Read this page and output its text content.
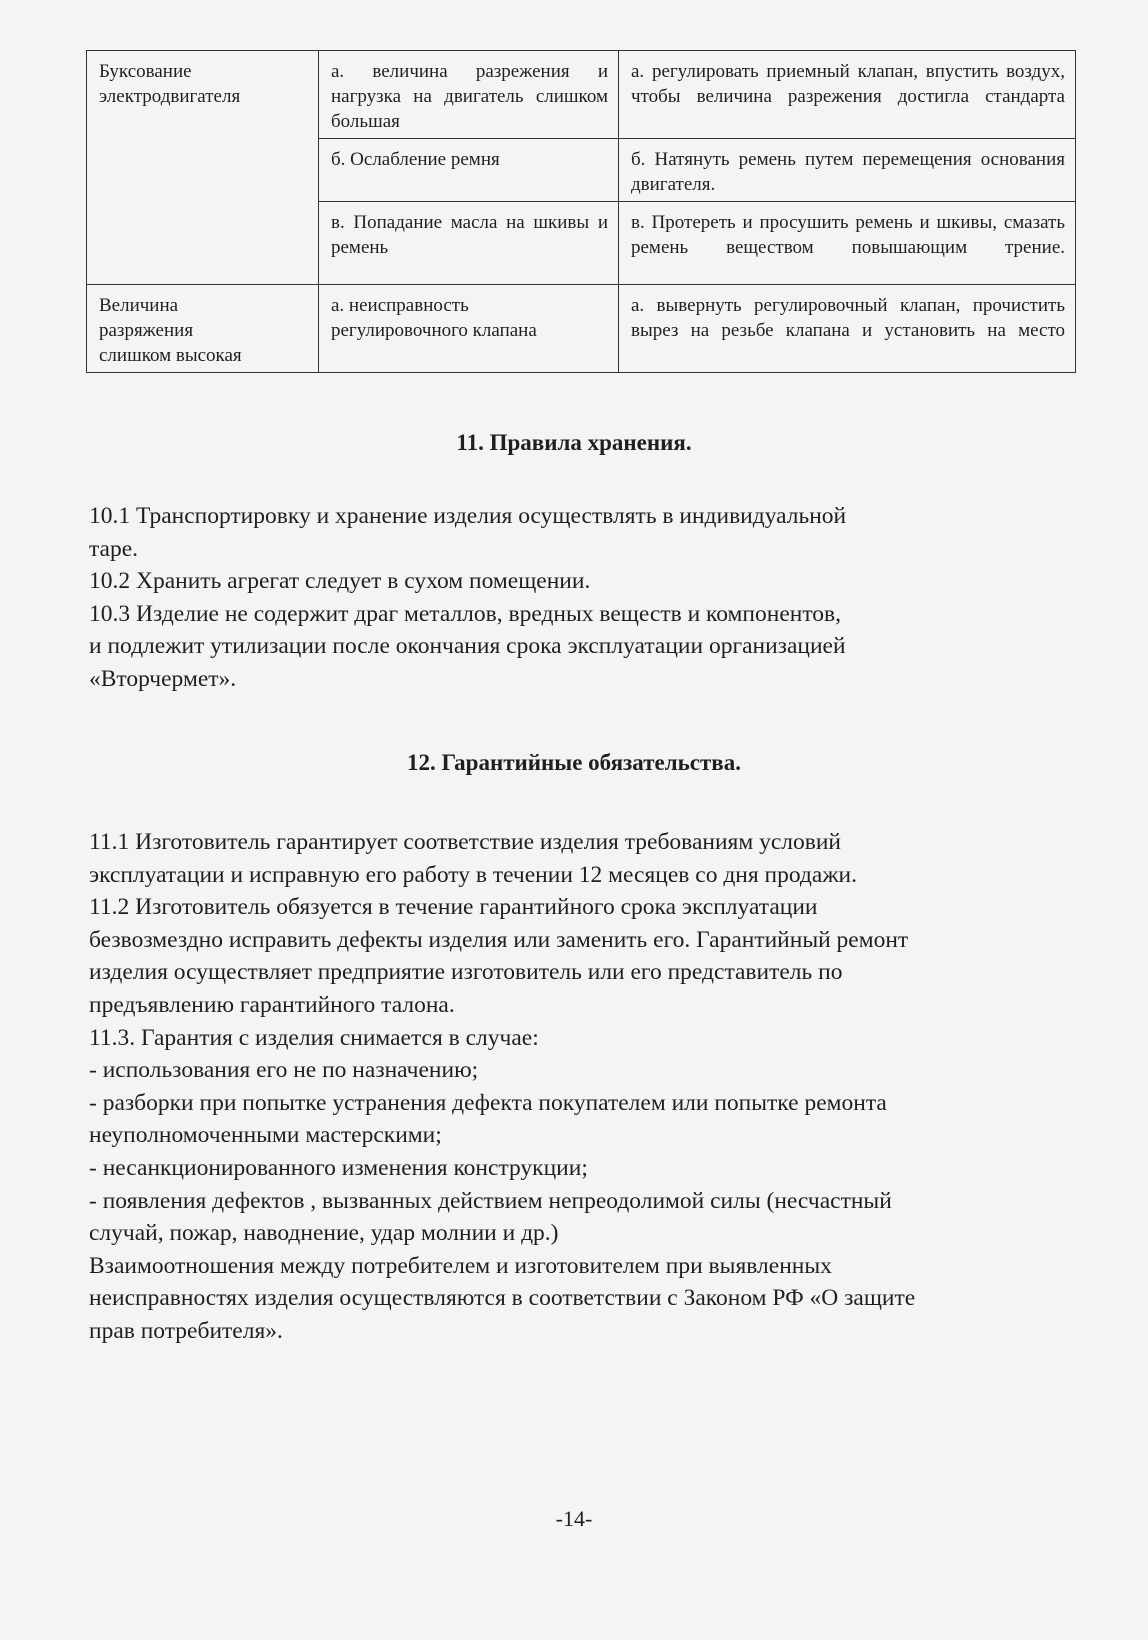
Буксование электродвигателя	а. величина разрежения и нагрузка на двигатель слишком большая	а. регулировать приемный клапан, впустить воздух, чтобы величина разрежения достигла стандарта
	б. Ослабление ремня	б. Натянуть ремень путем перемещения основания двигателя.
	в. Попадание масла на шкивы и ремень	в. Протереть и просушить ремень и шкивы, смазать ремень веществом повышающим трение.
Величина разряжения слишком высокая	а. неисправность регулировочного клапана	а. вывернуть регулировочный клапан, прочистить вырез на резьбе клапана и установить на место
11. Правила хранения.

10.1 Транспортировку и хранение изделия осуществлять в индивидуальной таре.

10.2 Хранить агрегат следует в сухом помещении.

10.3 Изделие не содержит драг металлов, вредных веществ и компонентов, и подлежит утилизации после окончания срока эксплуатации организацией «Вторчермет».

12. Гарантийные обязательства.

11.1 Изготовитель гарантирует соответствие изделия требованиям условий эксплуатации и исправную его работу в течении 12 месяцев со дня продажи.

11.2 Изготовитель обязуется в течение гарантийного срока эксплуатации безвозмездно исправить дефекты изделия или заменить его. Гарантийный ремонт изделия осуществляет предприятие изготовитель или его представитель по предъявлению гарантийного талона.

11.3. Гарантия с изделия снимается в случае:

- использования его не по назначению;

- разборки при попытке устранения дефекта покупателем или попытке ремонта неуполномоченными мастерскими;

- несанкционированного изменения конструкции;

- появления дефектов , вызванных действием непреодолимой силы (несчастный случай, пожар, наводнение, удар молнии и др.)

Взаимоотношения между потребителем и изготовителем при выявленных неисправностях изделия осуществляются в соответствии с Законом РФ «О защите прав потребителя».

-14-
